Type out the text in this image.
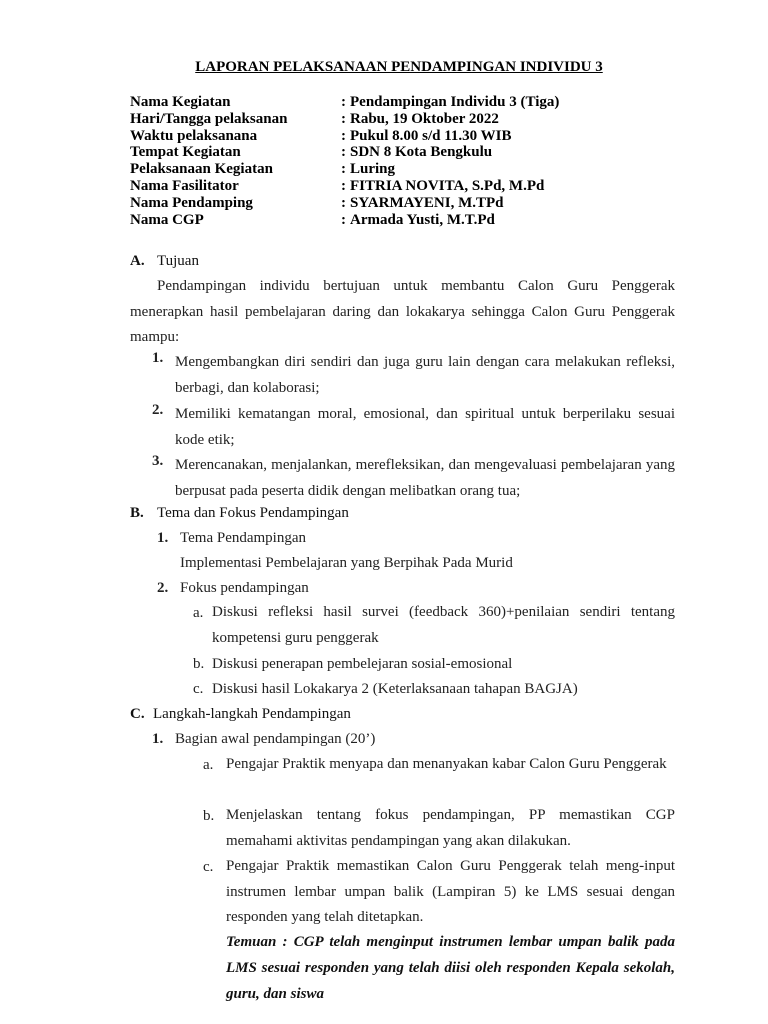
LAPORAN PELAKSANAAN PENDAMPINGAN INDIVIDU 3
Nama Kegiatan	: Pendampingan Individu 3 (Tiga)
Hari/Tangga pelaksanan	: Rabu, 19 Oktober 2022
Waktu pelaksanana	: Pukul 8.00 s/d 11.30 WIB
Tempat Kegiatan	: SDN 8 Kota Bengkulu
Pelaksanaan Kegiatan	: Luring
Nama Fasilitator	: FITRIA NOVITA, S.Pd, M.Pd
Nama Pendamping	: SYARMAYENI, M.TPd
Nama CGP	: Armada Yusti, M.T.Pd
A. Tujuan
Pendampingan individu bertujuan untuk membantu Calon Guru Penggerak menerapkan hasil pembelajaran daring dan lokakarya sehingga Calon Guru Penggerak mampu:
1. Mengembangkan diri sendiri dan juga guru lain dengan cara melakukan refleksi, berbagi, dan kolaborasi;
2. Memiliki kematangan moral, emosional, dan spiritual untuk berperilaku sesuai kode etik;
3. Merencanakan, menjalankan, merefleksikan, dan mengevaluasi pembelajaran yang berpusat pada peserta didik dengan melibatkan orang tua;
B. Tema dan Fokus Pendampingan
1. Tema Pendampingan
Implementasi Pembelajaran yang Berpihak Pada Murid
2. Fokus pendampingan
a. Diskusi refleksi hasil survei (feedback 360)+penilaian sendiri tentang kompetensi guru penggerak
b. Diskusi penerapan pembelejaran sosial-emosional
c. Diskusi hasil Lokakarya 2 (Keterlaksanaan tahapan BAGJA)
C. Langkah-langkah Pendampingan
1. Bagian awal pendampingan (20’)
a. Pengajar Praktik menyapa dan menanyakan kabar Calon Guru Penggerak
b. Menjelaskan tentang fokus pendampingan, PP memastikan CGP memahami aktivitas pendampingan yang akan dilakukan.
c. Pengajar Praktik memastikan Calon Guru Penggerak telah meng-input instrumen lembar umpan balik (Lampiran 5) ke LMS sesuai dengan responden yang telah ditetapkan.
Temuan : CGP telah menginput instrumen lembar umpan balik pada LMS sesuai responden yang telah diisi oleh responden Kepala sekolah, guru, dan siswa
